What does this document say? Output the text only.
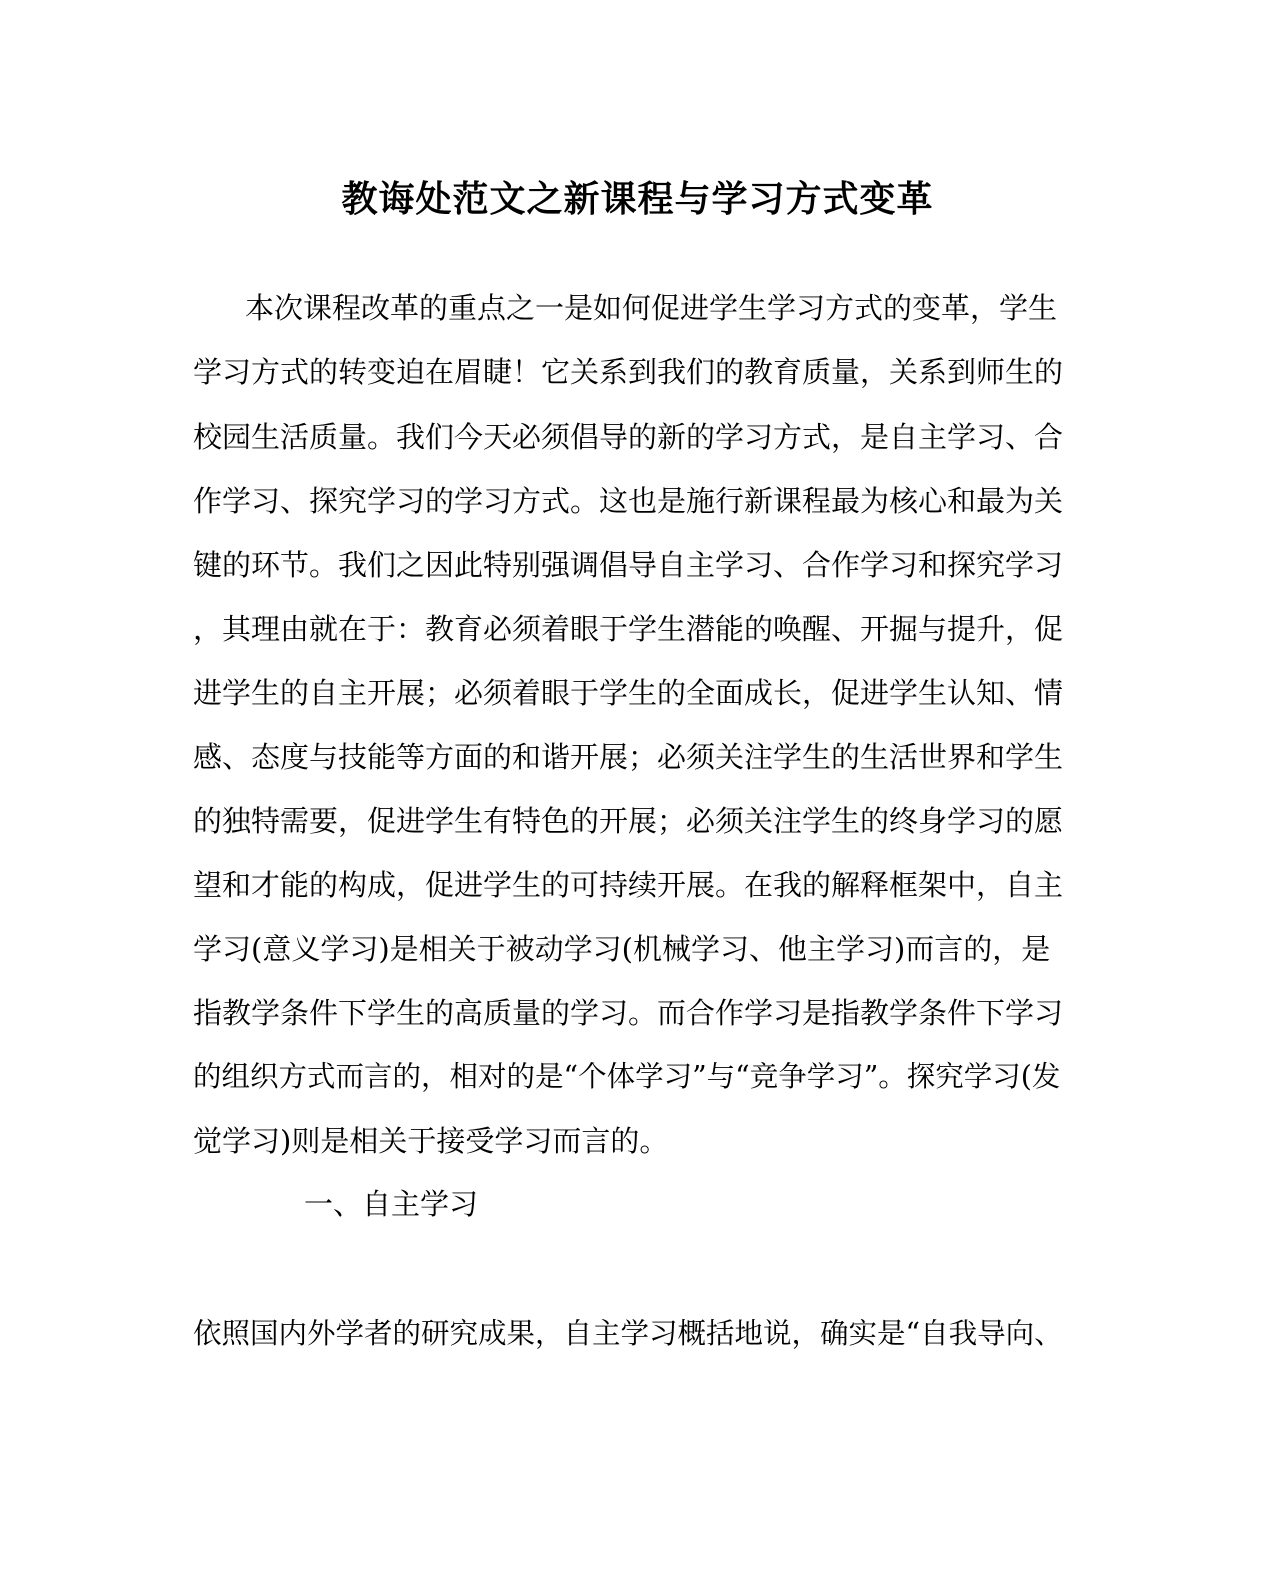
教诲处范文之新课程与学习方式变革

本次课程改革的重点之一是如何促进学生学习方式的变革，学生

学习方式的转变迫在眉睫！它关系到我们的教育质量，关系到师生的

校园生活质量。我们今天必须倡导的新的学习方式，是自主学习、合

作学习、探究学习的学习方式。这也是施行新课程最为核心和最为关

键的环节。我们之因此特别强调倡导自主学习、合作学习和探究学习

，其理由就在于：教育必须着眼于学生潜能的唤醒、开掘与提升，促

进学生的自主开展；必须着眼于学生的全面成长，促进学生认知、情

感、态度与技能等方面的和谐开展；必须关注学生的生活世界和学生

的独特需要，促进学生有特色的开展；必须关注学生的终身学习的愿

望和才能的构成，促进学生的可持续开展。在我的解释框架中，自主

学习(意义学习)是相关于被动学习(机械学习、他主学习)而言的，是

指教学条件下学生的高质量的学习。而合作学习是指教学条件下学习

的组织方式而言的，相对的是“个体学习”与“竞争学习”。探究学习(发

觉学习)则是相关于接受学习而言的。

一、自主学习

依照国内外学者的研究成果，自主学习概括地说，确实是“自我导向、
